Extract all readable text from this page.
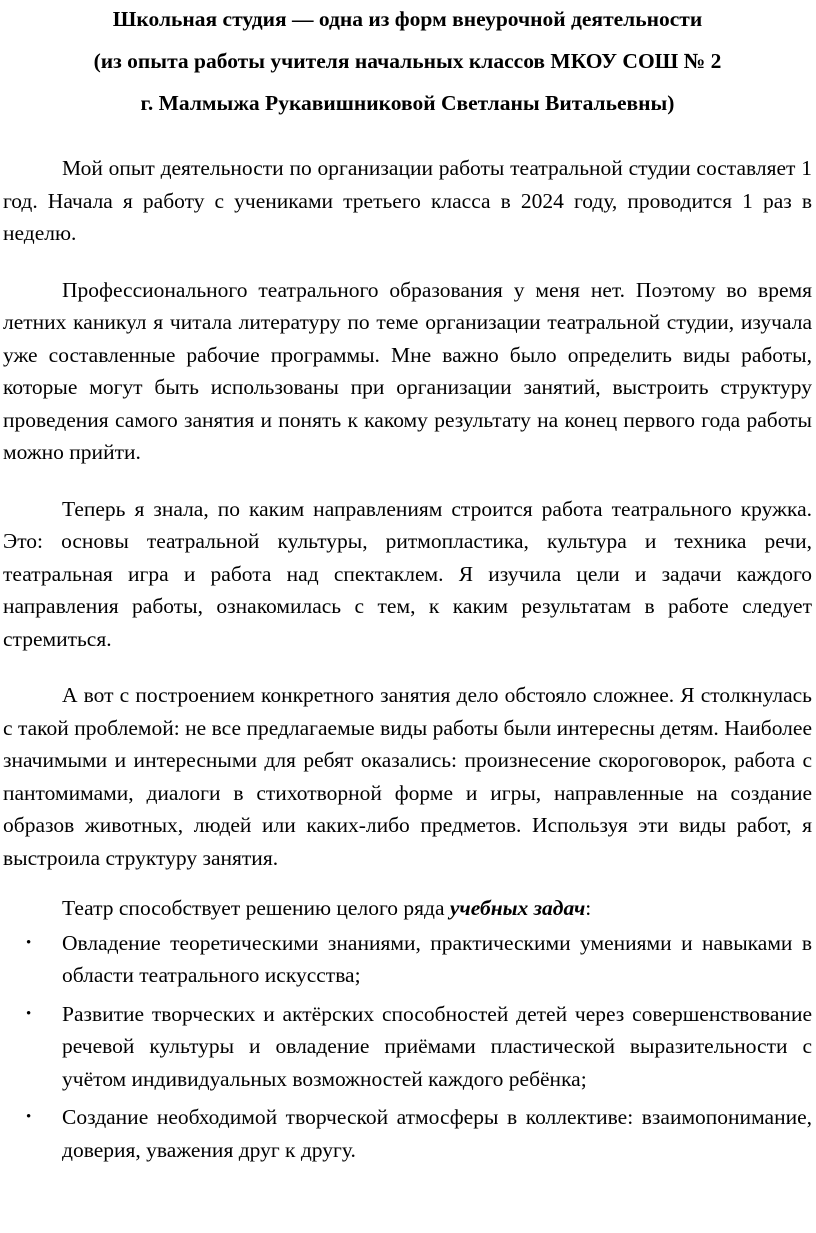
Школьная студия — одна из форм внеурочной деятельности
(из опыта работы учителя начальных классов МКОУ СОШ № 2
г. Малмыжа Рукавишниковой Светланы Витальевны)

Мой опыт деятельности по организации работы театральной студии составляет 1 год. Начала я работу с учениками третьего класса в 2024 году, проводится 1 раз в неделю.

Профессионального театрального образования у меня нет. Поэтому во время летних каникул я читала литературу по теме организации театральной студии, изучала уже составленные рабочие программы. Мне важно было определить виды работы, которые могут быть использованы при организации занятий, выстроить структуру проведения самого занятия и понять к какому результату на конец первого года работы можно прийти.

Теперь я знала, по каким направлениям строится работа театрального кружка. Это: основы театральной культуры, ритмопластика, культура и техника речи, театральная игра и работа над спектаклем. Я изучила цели и задачи каждого направления работы, ознакомилась с тем, к каким результатам в работе следует стремиться.

А вот с построением конкретного занятия дело обстояло сложнее. Я столкнулась с такой проблемой: не все предлагаемые виды работы были интересны детям. Наиболее значимыми и интересными для ребят оказались: произнесение скороговорок, работа с пантомимами, диалоги в стихотворной форме и игры, направленные на создание образов животных, людей или каких-либо предметов. Используя эти виды работ, я выстроила структуру занятия.

Театр способствует решению целого ряда учебных задач:

• Овладение теоретическими знаниями, практическими умениями и навыками в области театрального искусства;
• Развитие творческих и актёрских способностей детей через совершенствование речевой культуры и овладение приёмами пластической выразительности с учётом индивидуальных возможностей каждого ребёнка;
• Создание необходимой творческой атмосферы в коллективе: взаимопонимание, доверия, уважения друг к другу.
